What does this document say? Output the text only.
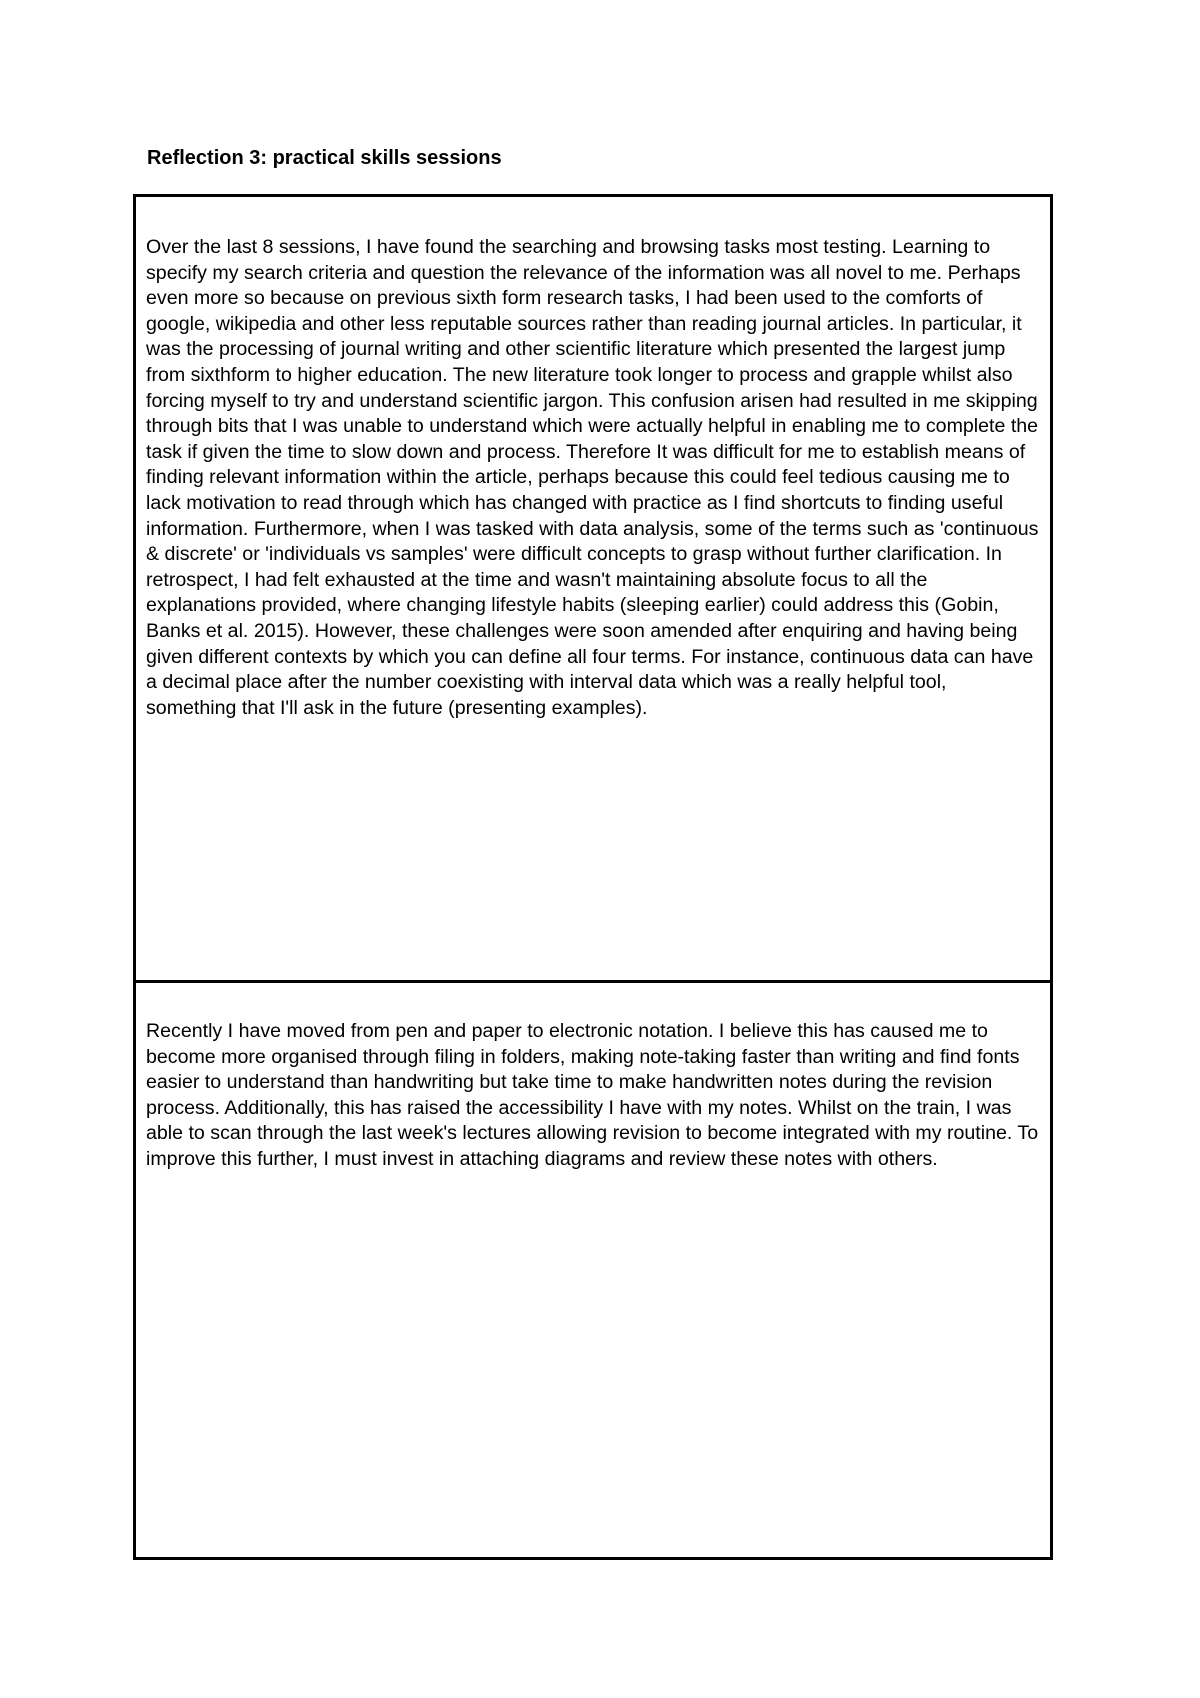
Reflection 3: practical skills sessions

Over the last 8 sessions, I have found the searching and browsing tasks most testing. Learning to specify my search criteria and question the relevance of the information was all novel to me. Perhaps even more so because on previous sixth form research tasks, I had been used to the comforts of google, wikipedia and other less reputable sources rather than reading journal articles. In particular, it was the processing of journal writing and other scientific literature which presented the largest jump from sixthform to higher education. The new literature took longer to process and grapple whilst also forcing myself to try and understand scientific jargon. This confusion arisen had resulted in me skipping through bits that I was unable to understand which were actually helpful in enabling me to complete the task if given the time to slow down and process. Therefore It was difficult for me to establish means of finding relevant information within the article, perhaps because this could feel tedious causing me to lack motivation to read through which has changed with practice as I find shortcuts to finding useful information. Furthermore, when I was tasked with data analysis, some of the terms such as 'continuous & discrete' or 'individuals vs samples' were difficult concepts to grasp without further clarification. In retrospect, I had felt exhausted at the time and wasn't maintaining absolute focus to all the explanations provided, where changing lifestyle habits (sleeping earlier) could address this (Gobin, Banks et al. 2015). However, these challenges were soon amended after enquiring and having being given different contexts by which you can define all four terms. For instance, continuous data can have a decimal place after the number coexisting with interval data which was a really helpful tool, something that I'll ask in the future (presenting examples).

Recently I have moved from pen and paper to electronic notation. I believe this has caused me to become more organised through filing in folders, making note-taking faster than writing and find fonts easier to understand than handwriting but take time to make handwritten notes during the revision process. Additionally, this has raised the accessibility I have with my notes. Whilst on the train, I was able to scan through the last week's lectures allowing revision to become integrated with my routine. To improve this further, I must invest in attaching diagrams and review these notes with others.
